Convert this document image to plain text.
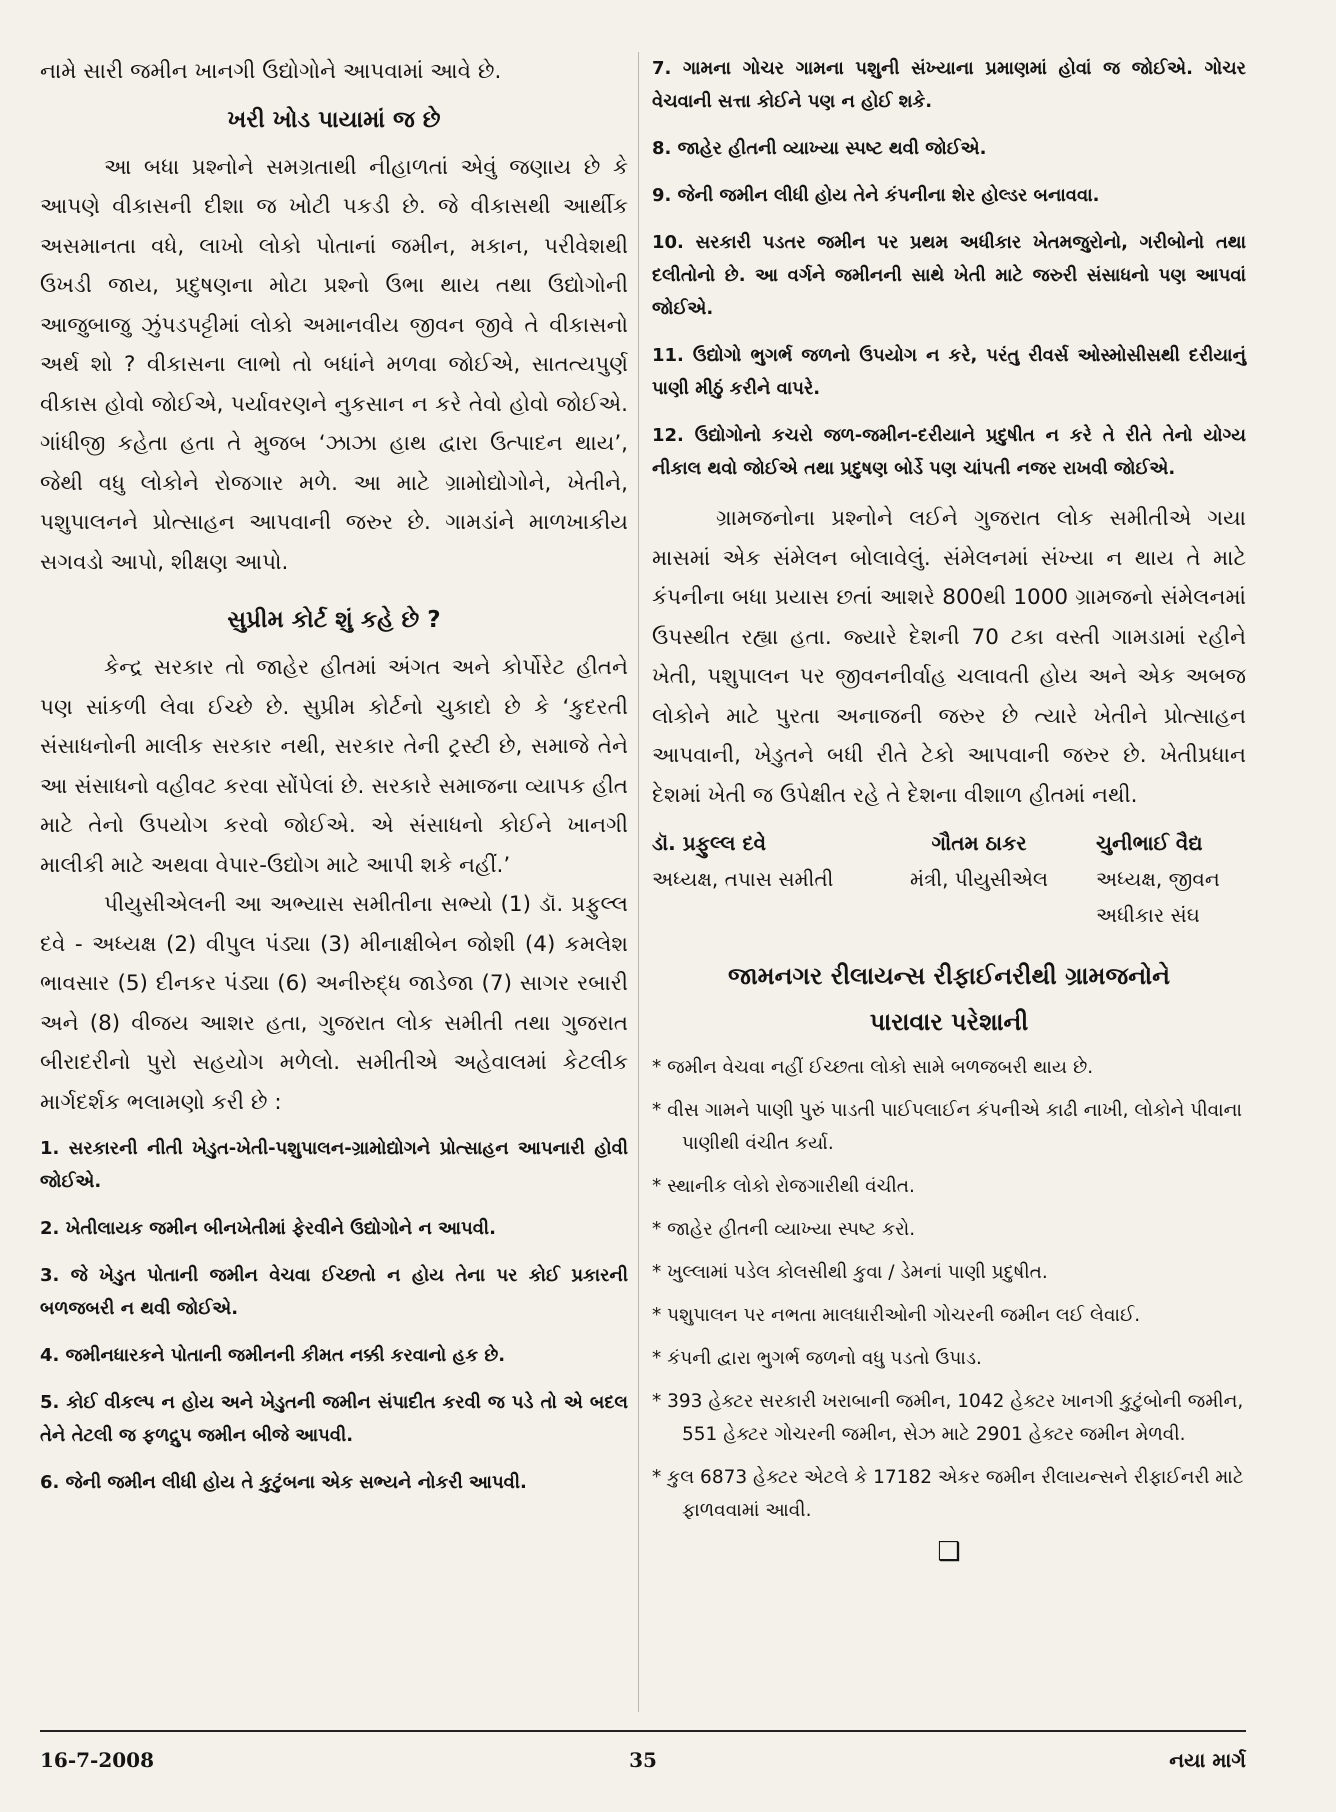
નામે સારી જમીન ખાનગી ઉદ્યોગોને આપવામાં આવે છે.

ખરી ખોડ પાયામાં જ છે

આ બધા પ્રશ્નોને સમગ્રતાથી નીહાળતાં એવું જણાય છે કે આપણે વીકાસની દીશા જ ખોટી પકડી છે. જે વીકાસથી આર્થીક અસમાનતા વધે, લાખો લોકો પોતાનાં જમીન, મકાન, પરીવેશથી ઉખડી જાય, પ્રદુષણના મોટા પ્રશ્નો ઉભા થાય તથા ઉદ્યોગોની આજુબાજુ ઝુંપડપટ્ટીમાં લોકો અમાનવીય જીવન જીવે તે વીકાસનો અર્થ શો ? વીકાસના લાભો તો બધાંને મળવા જોઈએ, સાતત્યપુર્ણ વીકાસ હોવો જોઈએ, પર્યાવરણને નુકસાન ન કરે તેવો હોવો જોઈએ. ગાંધીજી કહેતા હતા તે મુજબ ‘ઝાઝા હાથ દ્વારા ઉત્પાદન થાય’, જેથી વધુ લોકોને રોજગાર મળે. આ માટે ગ્રામોદ્યોગોને, ખેતીને, પશુપાલનને પ્રોત્સાહન આપવાની જરુર છે. ગામડાંને માળખાકીય સગવડો આપો, શીક્ષણ આપો.

સુપ્રીમ કોર્ટ શું કહે છે ?

કેન્દ્ર સરકાર તો જાહેર હીતમાં અંગત અને કોર્પોરેટ હીતને પણ સાંકળી લેવા ઈચ્છે છે. સુપ્રીમ કોર્ટનો ચુકાદો છે કે ‘કુદરતી સંસાધનોની માલીક સરકાર નથી, સરકાર તેની ટ્રસ્ટી છે, સમાજે તેને આ સંસાધનો વહીવટ કરવા સોંપેલાં છે. સરકારે સમાજના વ્યાપક હીત માટે તેનો ઉપયોગ કરવો જોઈએ. એ સંસાધનો કોઈને ખાનગી માલીકી માટે અથવા વેપાર-ઉદ્યોગ માટે આપી શકે નહીં.’

પીયુસીએલની આ અભ્યાસ સમીતીના સભ્યો (1) ડૉ. પ્રફુલ્લ દવે - અધ્યક્ષ (2) વીપુલ પંડ્યા (3) મીનાક્ષીબેન જોશી (4) કમલેશ ભાવસાર (5) દીનકર પંડ્યા (6) અનીરુદ્ધ જાડેજા (7) સાગર રબારી અને (8) વીજય આશર હતા, ગુજરાત લોક સમીતી તથા ગુજરાત બીરાદરીનો પુરો સહયોગ મળેલો. સમીતીએ અહેવાલમાં કેટલીક માર્ગદર્શક ભલામણો કરી છે :

1. સરકારની નીતી ખેડુત-ખેતી-પશુપાલન-ગ્રામોદ્યોગને પ્રોત્સાહન આપનારી હોવી જોઈએ.

2. ખેતીલાયક જમીન બીનખેતીમાં ફેરવીને ઉદ્યોગોને ન આપવી.

3. જે ખેડુત પોતાની જમીન વેચવા ઈચ્છતો ન હોય તેના પર કોઈ પ્રકારની બળજબરી ન થવી જોઈએ.

4. જમીનધારકને પોતાની જમીનની કીમત નક્કી કરવાનો હક છે.

5. કોઈ વીકલ્પ ન હોય અને ખેડુતની જમીન સંપાદીત કરવી જ પડે તો એ બદલ તેને તેટલી જ ફળદ્રુપ જમીન બીજે આપવી.

6. જેની જમીન લીધી હોય તે કુટુંબના એક સભ્યને નોકરી આપવી.

7. ગામના ગોચર ગામના પશુની સંખ્યાના પ્રમાણમાં હોવાં જ જોઈએ. ગોચર વેચવાની સત્તા કોઈને પણ ન હોઈ શકે.

8. જાહેર હીતની વ્યાખ્યા સ્પષ્ટ થવી જોઈએ.

9. જેની જમીન લીધી હોય તેને કંપનીના શેર હોલ્ડર બનાવવા.

10. સરકારી પડતર જમીન પર પ્રથમ અધીકાર ખેતમજુરોનો, ગરીબોનો તથા દલીતોનો છે. આ વર્ગને જમીનની સાથે ખેતી માટે જરુરી સંસાધનો પણ આપવાં જોઈએ.

11. ઉદ્યોગો ભુગર્ભ જળનો ઉપયોગ ન કરે, પરંતુ રીવર્સ ઓસ્મોસીસથી દરીયાનું પાણી મીઠું કરીને વાપરે.

12. ઉદ્યોગોનો કચરો જળ-જમીન-દરીયાને પ્રદુષીત ન કરે તે રીતે તેનો યોગ્ય નીકાલ થવો જોઈએ તથા પ્રદુષણ બોર્ડે પણ ચાંપતી નજર રાખવી જોઈએ.

ગ્રામજનોના પ્રશ્નોને લઈને ગુજરાત લોક સમીતીએ ગયા માસમાં એક સંમેલન બોલાવેલું. સંમેલનમાં સંખ્યા ન થાય તે માટે કંપનીના બધા પ્રયાસ છતાં આશરે 800થી 1000 ગ્રામજનો સંમેલનમાં ઉપસ્થીત રહ્યા હતા. જ્યારે દેશની 70 ટકા વસ્તી ગામડામાં રહીને ખેતી, પશુપાલન પર જીવનનીર્વાહ ચલાવતી હોય અને એક અબજ લોકોને માટે પુરતા અનાજની જરુર છે ત્યારે ખેતીને પ્રોત્સાહન આપવાની, ખેડુતને બધી રીતે ટેકો આપવાની જરુર છે. ખેતીપ્રધાન દેશમાં ખેતી જ ઉપેક્ષીત રહે તે દેશના વીશાળ હીતમાં નથી.

ડૉ. પ્રફુલ્લ દવે
અધ્યક્ષ, તપાસ સમીતી
ગૌતમ ઠાકર
મંત્રી, પીયુસીએલ
ચુનીભાઈ વૈદ્ય
અધ્યક્ષ, જીવન અધીકાર સંઘ
જામનગર રીલાયન્સ રીફાઈનરીથી ગ્રામજનોને
પારાવાર પરેશાની

* જમીન વેચવા નહીં ઈચ્છતા લોકો સામે બળજબરી થાય છે.

* વીસ ગામને પાણી પુરું પાડતી પાઈપલાઈન કંપનીએ કાઢી નાખી, લોકોને પીવાના પાણીથી વંચીત કર્યા.

* સ્થાનીક લોકો રોજગારીથી વંચીત.

* જાહેર હીતની વ્યાખ્યા સ્પષ્ટ કરો.

* ખુલ્લામાં પડેલ કોલસીથી કુવા / ડેમનાં પાણી પ્રદુષીત.

* પશુપાલન પર નભતા માલધારીઓની ગોચરની જમીન લઈ લેવાઈ.

* કંપની દ્વારા ભુગર્ભ જળનો વધુ પડતો ઉપાડ.

* 393 હેક્ટર સરકારી ખરાબાની જમીન, 1042 હેક્ટર ખાનગી કુટુંબોની જમીન, 551 હેક્ટર ગોચરની જમીન, સેઝ માટે 2901 હેક્ટર જમીન મેળવી.

* કુલ 6873 હેક્ટર એટલે કે 17182 એકર જમીન રીલાયન્સને રીફાઈનરી માટે ફાળવવામાં આવી.

❑
16-7-2008	35	નયા માર્ગ
